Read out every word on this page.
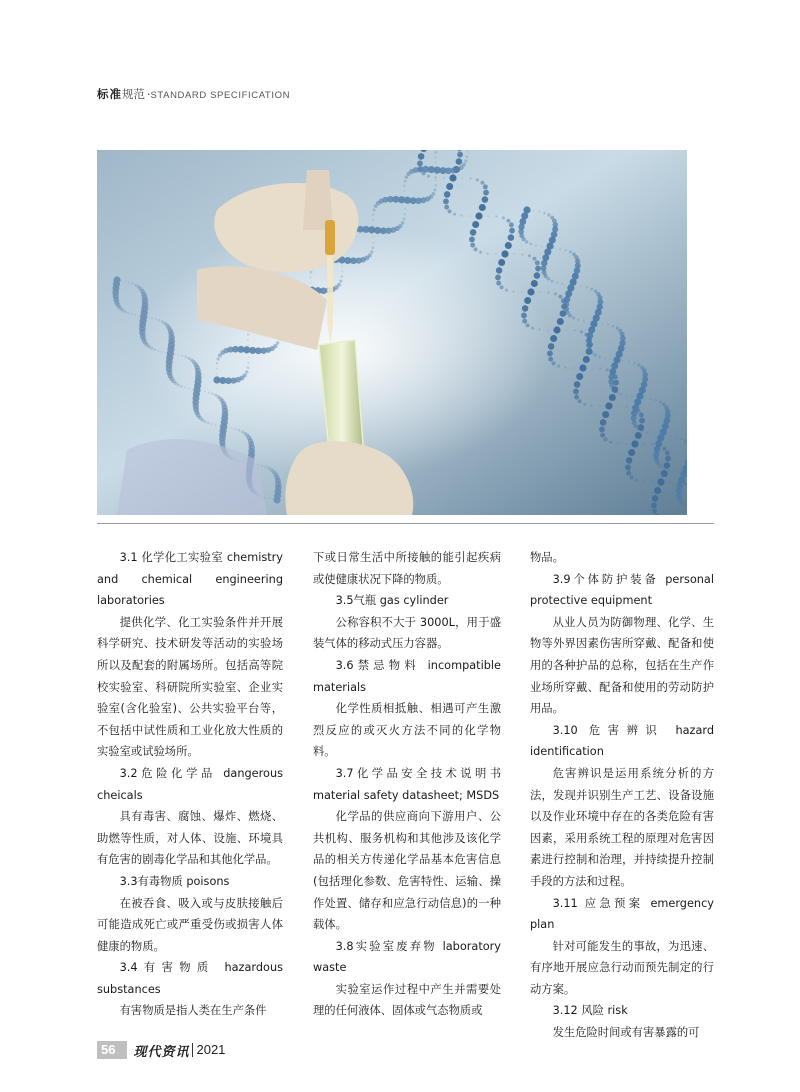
标准规范 ·STANDARD SPECIFICATION

3.1 化学化工实验室 chemistry and chemical engineering laboratories

提供化学、化工实验条件并开展科学研究、技术研发等活动的实验场所以及配套的附属场所。包括高等院校实验室、科研院所实验室、企业实验室(含化验室)、公共实验平台等，不包括中试性质和工业化放大性质的实验室或试验场所。

3.2危险化学品 dangerous cheicals

具有毒害、腐蚀、爆炸、燃烧、助燃等性质，对人体、设施、环境具有危害的剧毒化学品和其他化学品。

3.3有毒物质 poisons

在被吞食、吸入或与皮肤接触后可能造成死亡或严重受伤或损害人体健康的物质。

3.4有害物质 hazardous substances

有害物质是指人类在生产条件

下或日常生活中所接触的能引起疾病或使健康状况下降的物质。

3.5气瓶 gas cylinder

公称容积不大于 3000L，用于盛装气体的移动式压力容器。

3.6禁忌物料 incompatible materials

化学性质相抵触、相遇可产生激烈反应的或灭火方法不同的化学物料。

3.7化学品安全技术说明书 material safety datasheet; MSDS

化学品的供应商向下游用户、公共机构、服务机构和其他涉及该化学品的相关方传递化学品基本危害信息(包括理化参数、危害特性、运输、操作处置、储存和应急行动信息)的一种载体。

3.8实验室废弃物 laboratory waste

实验室运作过程中产生并需要处理的任何液体、固体或气态物质或

物品。

3.9个体防护装备 personal protective equipment

从业人员为防御物理、化学、生物等外界因素伤害所穿戴、配备和使用的各种护品的总称，包括在生产作业场所穿戴、配备和使用的劳动防护用品。

3.10 危害辨识 hazard identification

危害辨识是运用系统分析的方法，发现并识别生产工艺、设备设施以及作业环境中存在的各类危险有害因素，采用系统工程的原理对危害因素进行控制和治理，并持续提升控制手段的方法和过程。

3.11 应急预案 emergency plan

针对可能发生的事故，为迅速、有序地开展应急行动而预先制定的行动方案。

3.12 风险 risk

发生危险时间或有害暴露的可

56	现代资讯 2021
